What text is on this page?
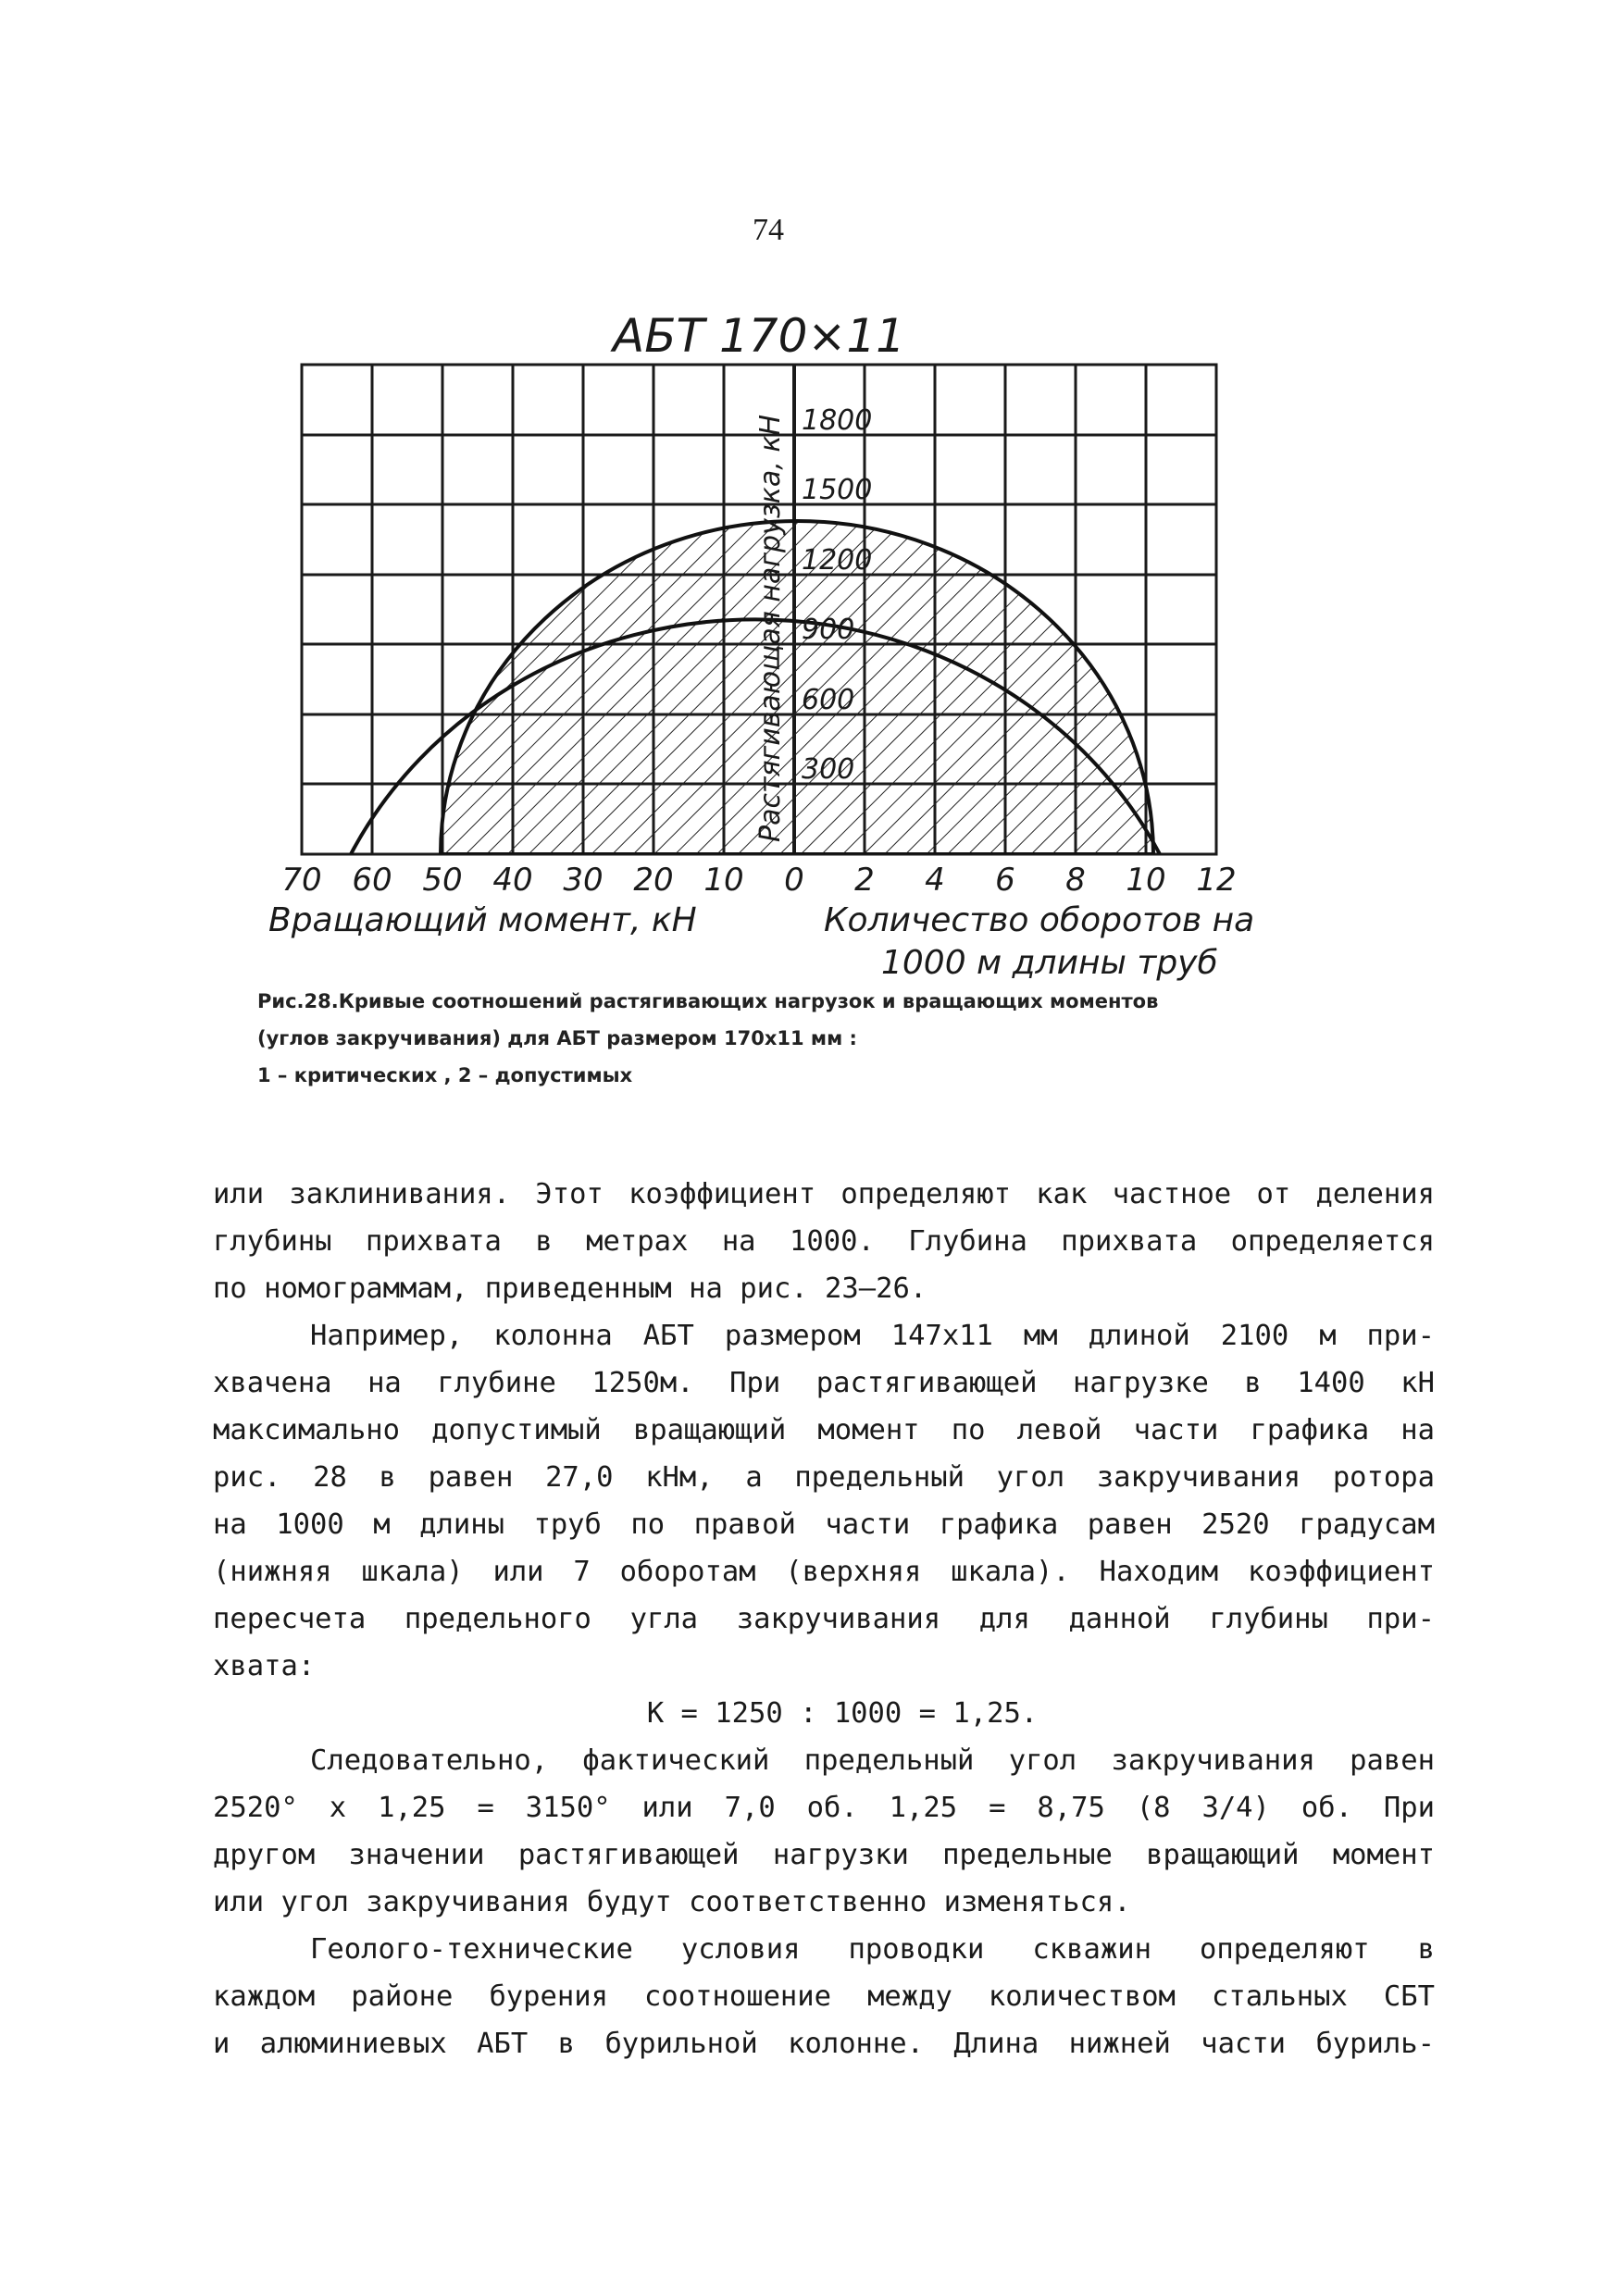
74
АБТ 170×11
1800
1500
1200
900
600
300
Растягивающая нагрузка, кН
70 60 50 40 30 20 10 0 2 4 6 8 10 12
Вращающий момент, кН	Количество оборотов на
1000 м длины труб

Рис.28.Кривые соотношений растягивающих нагрузок и вращающих моментов

(углов закручивания) для АБТ размером 170х11 мм :

1 – критических , 2 – допустимых

или заклинивания. Этот коэффициент определяют как частное от деления
глубины прихвата в метрах на 1000. Глубина прихвата определяется
по номограммам, приведенным на рис. 23–26.

Например, колонна АБТ размером 147х11 мм длиной 2100 м при-
хвачена на глубине 1250м. При растягивающей нагрузке в 1400 кН
максимально допустимый вращающий момент по левой части графика на
рис. 28 в равен 27,0 кНм, а предельный угол закручивания ротора
на 1000 м длины труб по правой части графика равен 2520 градусам
(нижняя шкала) или 7 оборотам (верхняя шкала). Находим коэффициент
пересчета предельного угла закручивания для данной глубины при-
хвата:

К = 1250 : 1000 = 1,25.

Следовательно, фактический предельный угол закручивания равен
2520° х 1,25 = 3150° или 7,0 об. 1,25 = 8,75 (8 3/4) об. При
другом значении растягивающей нагрузки предельные вращающий момент
или угол закручивания будут соответственно изменяться.

Геолого-технические условия проводки скважин определяют в
каждом районе бурения соотношение между количеством стальных СБТ
и алюминиевых АБТ в бурильной колонне. Длина нижней части буриль-
